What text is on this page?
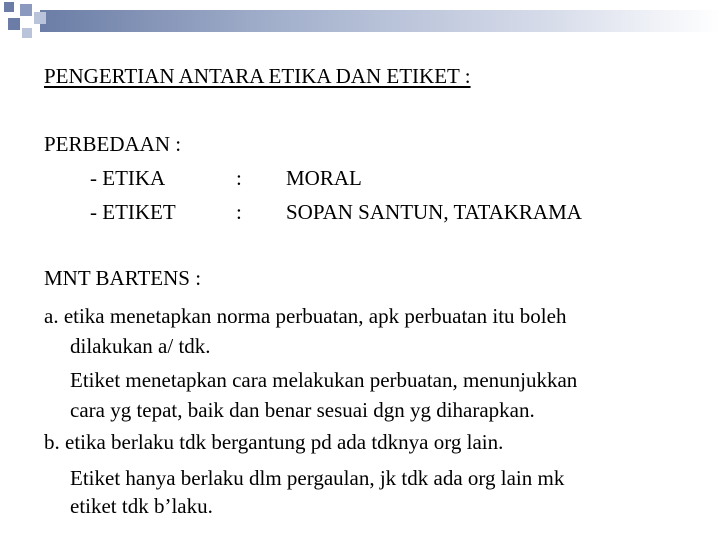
PENGERTIAN ANTARA ETIKA DAN ETIKET :
PERBEDAAN :
- ETIKA	: MORAL
- ETIKET	: SOPAN SANTUN, TATAKRAMA
MNT BARTENS :
a. etika menetapkan norma perbuatan, apk perbuatan itu boleh
dilakukan a/ tdk.
Etiket menetapkan cara melakukan perbuatan, menunjukkan
cara yg tepat, baik dan benar sesuai dgn yg diharapkan.
b. etika berlaku tdk bergantung pd ada tdknya org lain.
Etiket hanya berlaku dlm pergaulan, jk tdk ada org lain mk
etiket tdk b’laku.
